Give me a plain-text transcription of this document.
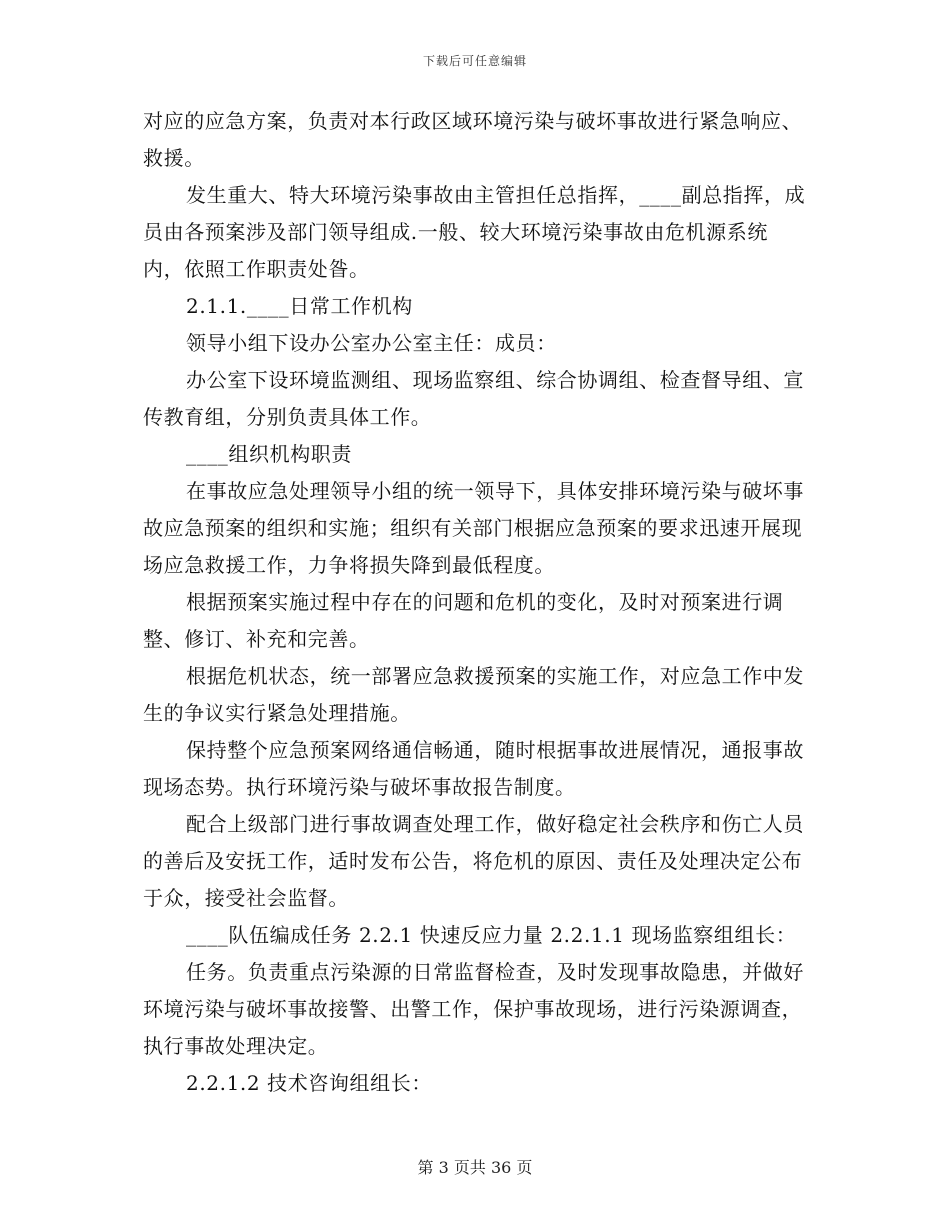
下载后可任意编辑

对应的应急方案，负责对本行政区域环境污染与破坏事故进行紧急响应、救援。

发生重大、特大环境污染事故由主管担任总指挥，____副总指挥，成员由各预案涉及部门领导组成.一般、较大环境污染事故由危机源系统内，依照工作职责处昝。

2.1.1.____日常工作机构

领导小组下设办公室办公室主任：成员：

办公室下设环境监测组、现场监察组、综合协调组、检查督导组、宣传教育组，分别负责具体工作。

____组织机构职责

在事故应急处理领导小组的统一领导下，具体安排环境污染与破坏事故应急预案的组织和实施；组织有关部门根据应急预案的要求迅速开展现场应急救援工作，力争将损失降到最低程度。

根据预案实施过程中存在的问题和危机的变化，及时对预案进行调整、修订、补充和完善。

根据危机状态，统一部署应急救援预案的实施工作，对应急工作中发生的争议实行紧急处理措施。

保持整个应急预案网络通信畅通，随时根据事故进展情况，通报事故现场态势。执行环境污染与破坏事故报告制度。

配合上级部门进行事故调查处理工作，做好稳定社会秩序和伤亡人员的善后及安抚工作，适时发布公告，将危机的原因、责任及处理决定公布于众，接受社会监督。

____队伍编成任务 2.2.1 快速反应力量 2.2.1.1 现场监察组组长：

任务。负责重点污染源的日常监督检查，及时发现事故隐患，并做好环境污染与破坏事故接警、出警工作，保护事故现场，进行污染源调查，执行事故处理决定。

2.2.1.2 技术咨询组组长：

第 3 页共 36 页
